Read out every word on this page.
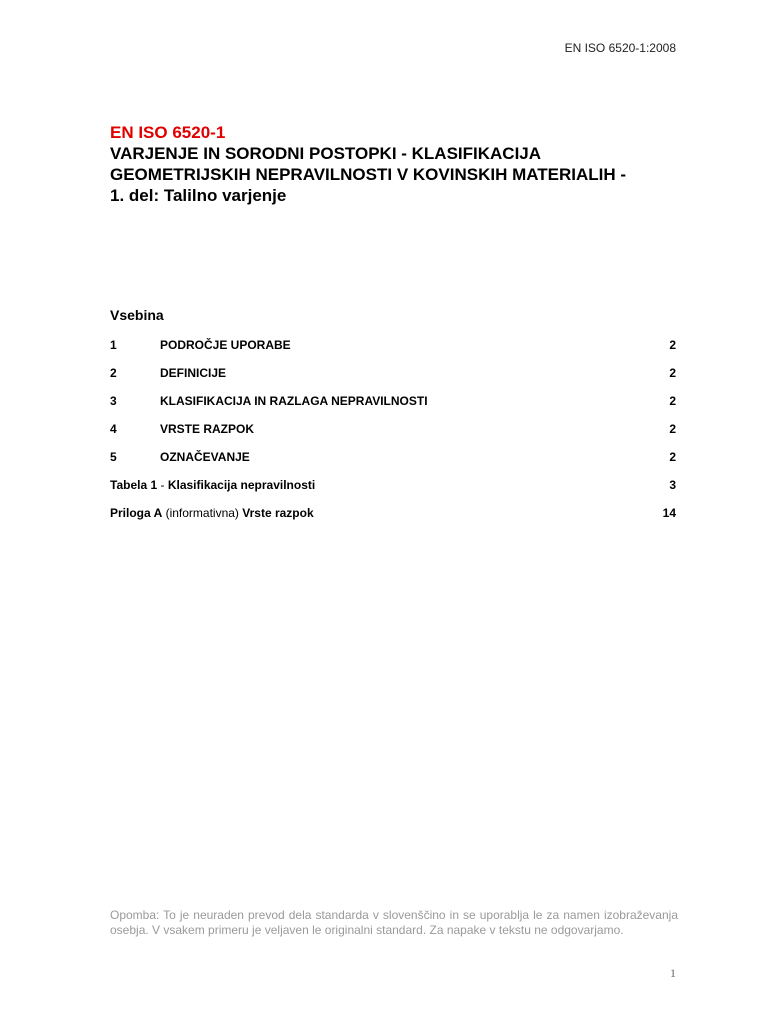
EN ISO 6520-1:2008
EN ISO 6520-1
VARJENJE IN SORODNI POSTOPKI - KLASIFIKACIJA
GEOMETRIJSKIH NEPRAVILNOSTI V KOVINSKIH MATERIALIH -
1. del: Talilno varjenje
Vsebina
1	PODROČJE UPORABE	2
2	DEFINICIJE	2
3	KLASIFIKACIJA IN RAZLAGA NEPRAVILNOSTI	2
4	VRSTE RAZPOK	2
5	OZNAČEVANJE	2
Tabela 1 - Klasifikacija nepravilnosti	3
Priloga A (informativna) Vrste razpok	14
Opomba: To je neuraden prevod dela standarda v slovenščino in se uporablja le za namen izobraževanja osebja. V vsakem primeru je veljaven le originalni standard. Za napake v tekstu ne odgovarjamo.
1
